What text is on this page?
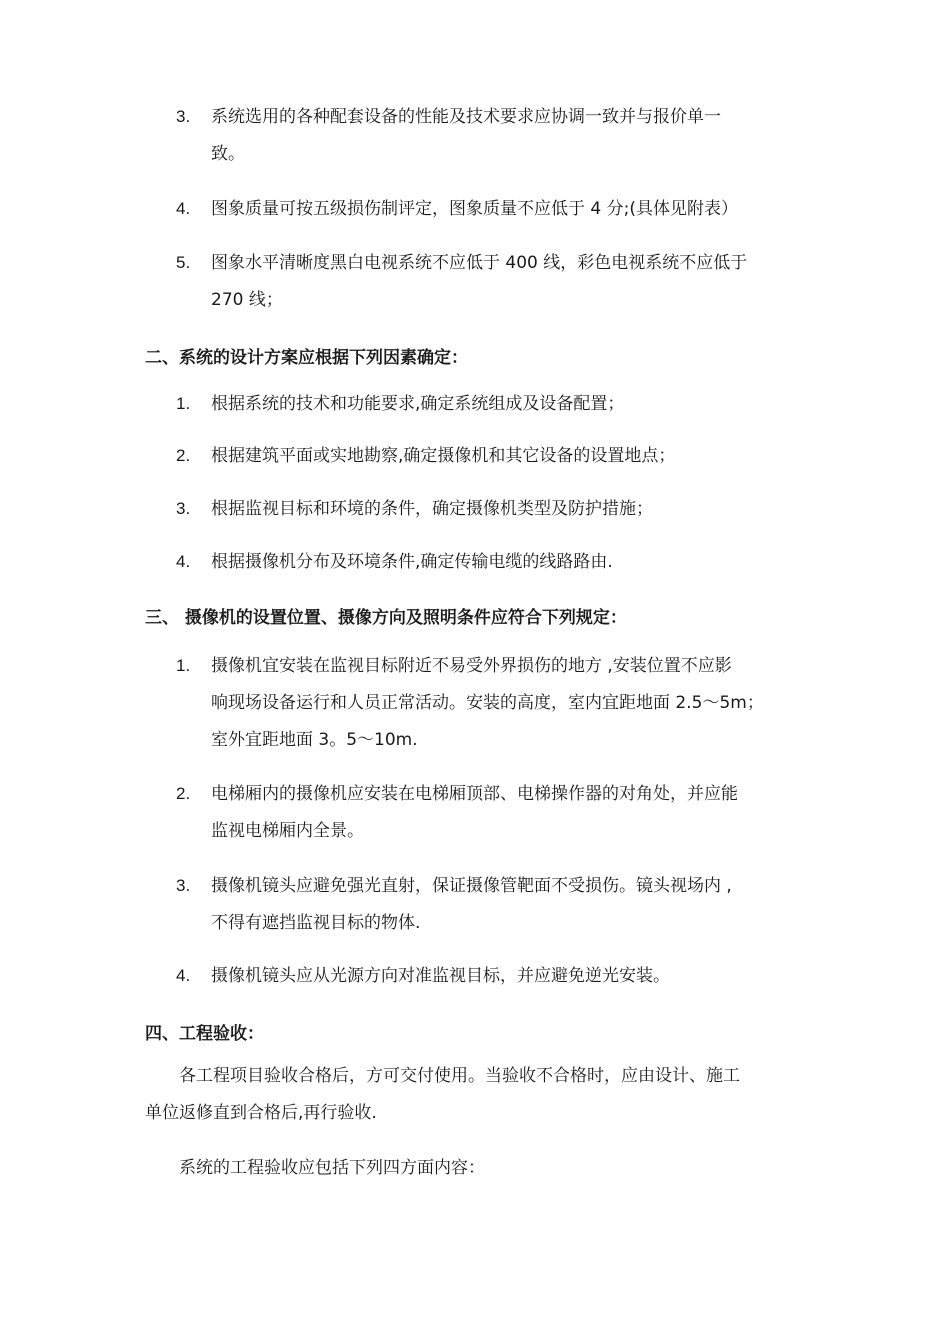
3.	系统选用的各种配套设备的性能及技术要求应协调一致并与报价单一
致。
4.	图象质量可按五级损伤制评定，图象质量不应低于 4 分;(具体见附表）
5.	图象水平清晰度黑白电视系统不应低于 400 线，彩色电视系统不应低于
270 线；
二、系统的设计方案应根据下列因素确定：
1.	根据系统的技术和功能要求,确定系统组成及设备配置；
2.	根据建筑平面或实地勘察,确定摄像机和其它设备的设置地点；
3.	根据监视目标和环境的条件，确定摄像机类型及防护措施；
4.	根据摄像机分布及环境条件,确定传输电缆的线路路由.
三、 摄像机的设置位置、摄像方向及照明条件应符合下列规定：
1.	摄像机宜安装在监视目标附近不易受外界损伤的地方 ,安装位置不应影
响现场设备运行和人员正常活动。安装的高度，室内宜距地面 2.5～5m；
室外宜距地面 3。5～10m.
2.	电梯厢内的摄像机应安装在电梯厢顶部、电梯操作器的对角处，并应能
监视电梯厢内全景。
3.	摄像机镜头应避免强光直射，保证摄像管靶面不受损伤。镜头视场内 ,
不得有遮挡监视目标的物体.
4.	摄像机镜头应从光源方向对准监视目标，并应避免逆光安装。
四、工程验收：
　　各工程项目验收合格后，方可交付使用。当验收不合格时，应由设计、施工
单位返修直到合格后,再行验收.
　　系统的工程验收应包括下列四方面内容：
